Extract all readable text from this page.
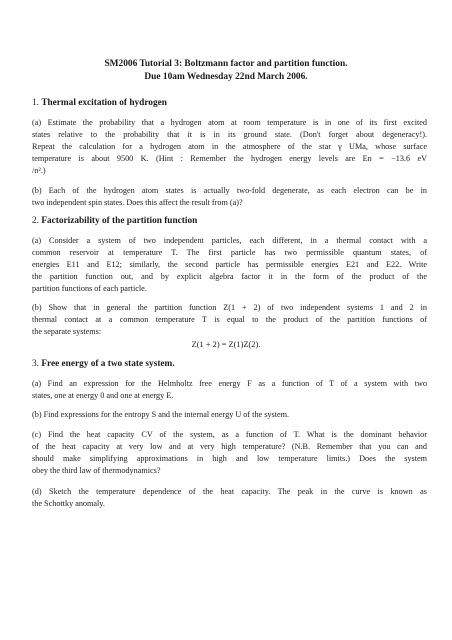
SM2006 Tutorial 3: Boltzmann factor and partition function.
Due 10am Wednesday 22nd March 2006.
1. Thermal excitation of hydrogen
(a) Estimate the probability that a hydrogen atom at room temperature is in one of its first excited
states relative to the probability that it is in its ground state. (Don't forget about degeneracy!).
Repeat the calculation for a hydrogen atom in the atmosphere of the star γ UMa, whose surface
temperature is about 9500 K. (Hint : Remember the hydrogen energy levels are En = −13.6 eV
/n².)
(b) Each of the hydrogen atom states is actually two-fold degenerate, as each electron can be in
two independent spin states. Does this affect the result from (a)?
2. Factorizability of the partition function
(a) Consider a system of two independent particles, each different, in a thermal contact with a
common reservoir at temperature T. The first particle has two permissible quantum states, of
energies E11 and E12; similarly, the second particle has permissible energies E21 and E22. Write
the partition function out, and by explicit algebra factor it in the form of the product of the
partition functions of each particle.
(b) Show that in general the partition function Z(1 + 2) of two independent systems 1 and 2 in
thermal contact at a common temperature T is equal to the product of the partition functions of
the separate systems:
Z(1 + 2) = Z(1)Z(2).
3. Free energy of a two state system.
(a) Find an expression for the Helmholtz free energy F as a function of T of a system with two
states, one at energy 0 and one at energy E.
(b) Find expressions for the entropy S and the internal energy U of the system.
(c) Find the heat capacity CV of the system, as a function of T. What is the dominant behavior
of the heat capacity at very low and at very high temperature? (N.B. Remember that you can and
should make simplifying approximations in high and low temperature limits.) Does the system
obey the third law of thermodynamics?
(d) Sketch the temperature dependence of the heat capacity. The peak in the curve is known as
the Schottky anomaly.
